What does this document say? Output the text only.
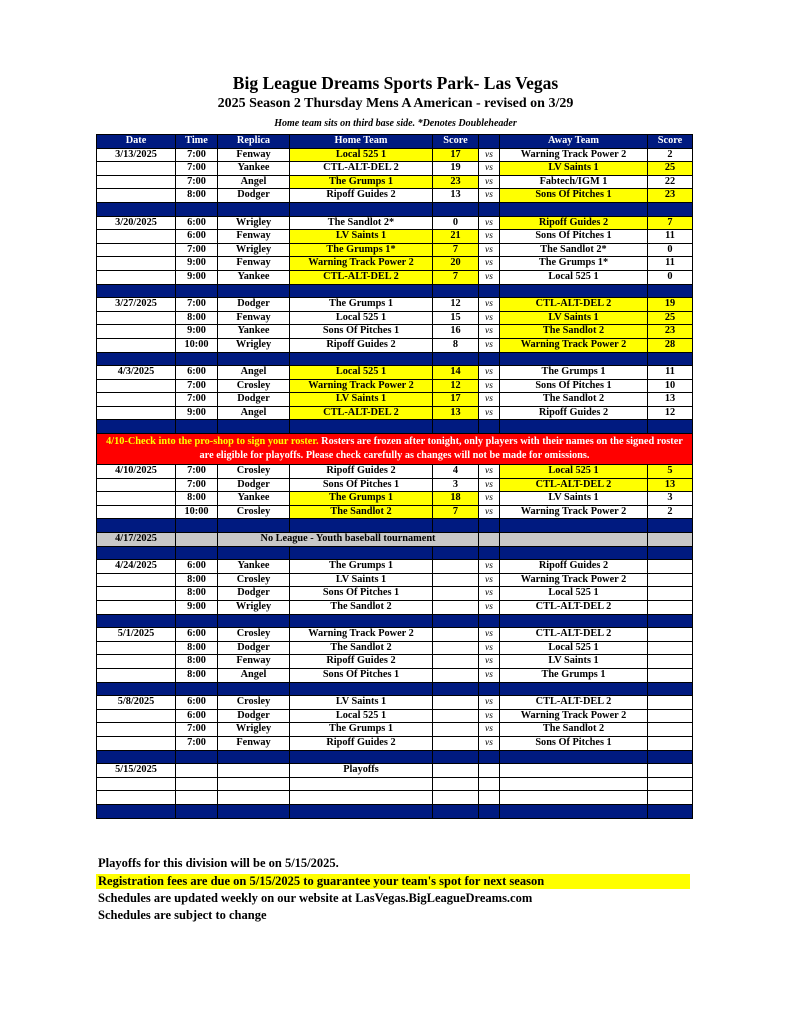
Big League Dreams Sports Park- Las Vegas
2025 Season 2 Thursday Mens A American - revised on 3/29
Home team sits on third base side. *Denotes Doubleheader
Date	Time	Replica	Home Team	Score		Away Team	Score
3/13/2025	7:00	Fenway	Local 525 1	17	vs	Warning Track Power 2	2
	7:00	Yankee	CTL-ALT-DEL 2	19	vs	LV Saints 1	25
	7:00	Angel	The Grumps 1	23	vs	Fabtech/IGM 1	22
	8:00	Dodger	Ripoff Guides 2	13	vs	Sons Of Pitches 1	23

3/20/2025	6:00	Wrigley	The Sandlot 2*	0	vs	Ripoff Guides 2	7
	6:00	Fenway	LV Saints 1	21	vs	Sons Of Pitches 1	11
	7:00	Wrigley	The Grumps 1*	7	vs	The Sandlot 2*	0
	9:00	Fenway	Warning Track Power 2	20	vs	The Grumps 1*	11
	9:00	Yankee	CTL-ALT-DEL 2	7	vs	Local 525 1	0

3/27/2025	7:00	Dodger	The Grumps 1	12	vs	CTL-ALT-DEL 2	19
	8:00	Fenway	Local 525 1	15	vs	LV Saints 1	25
	9:00	Yankee	Sons Of Pitches 1	16	vs	The Sandlot 2	23
	10:00	Wrigley	Ripoff Guides 2	8	vs	Warning Track Power 2	28

4/3/2025	6:00	Angel	Local 525 1	14	vs	The Grumps 1	11
	7:00	Crosley	Warning Track Power 2	12	vs	Sons Of Pitches 1	10
	7:00	Dodger	LV Saints 1	17	vs	The Sandlot 2	13
	9:00	Angel	CTL-ALT-DEL 2	13	vs	Ripoff Guides 2	12

4/10-Check into the pro-shop to sign your roster. Rosters are frozen after tonight, only players with their names on the signed roster are eligible for playoffs. Please check carefully as changes will not be made for omissions.							
4/10/2025	7:00	Crosley	Ripoff Guides 2	4	vs	Local 525 1	5
	7:00	Dodger	Sons Of Pitches 1	3	vs	CTL-ALT-DEL 2	13
	8:00	Yankee	The Grumps 1	18	vs	LV Saints 1	3
	10:00	Crosley	The Sandlot 2	7	vs	Warning Track Power 2	2

4/17/2025		No League - Youth baseball tournament					

4/24/2025	6:00	Yankee	The Grumps 1		vs	Ripoff Guides 2	
	8:00	Crosley	LV Saints 1		vs	Warning Track Power 2	
	8:00	Dodger	Sons Of Pitches 1		vs	Local 525 1	
	9:00	Wrigley	The Sandlot 2		vs	CTL-ALT-DEL 2	

5/1/2025	6:00	Crosley	Warning Track Power 2		vs	CTL-ALT-DEL 2	
	8:00	Dodger	The Sandlot 2		vs	Local 525 1	
	8:00	Fenway	Ripoff Guides 2		vs	LV Saints 1	
	8:00	Angel	Sons Of Pitches 1		vs	The Grumps 1	

5/8/2025	6:00	Crosley	LV Saints 1		vs	CTL-ALT-DEL 2	
	6:00	Dodger	Local 525 1		vs	Warning Track Power 2	
	7:00	Wrigley	The Grumps 1		vs	The Sandlot 2	
	7:00	Fenway	Ripoff Guides 2		vs	Sons Of Pitches 1	

5/15/2025			Playoffs				

Playoffs for this division will be on 5/15/2025.
Registration fees are due on 5/15/2025 to guarantee your team's spot for next season
Schedules are updated weekly on our website at LasVegas.BigLeagueDreams.com
Schedules are subject to change
